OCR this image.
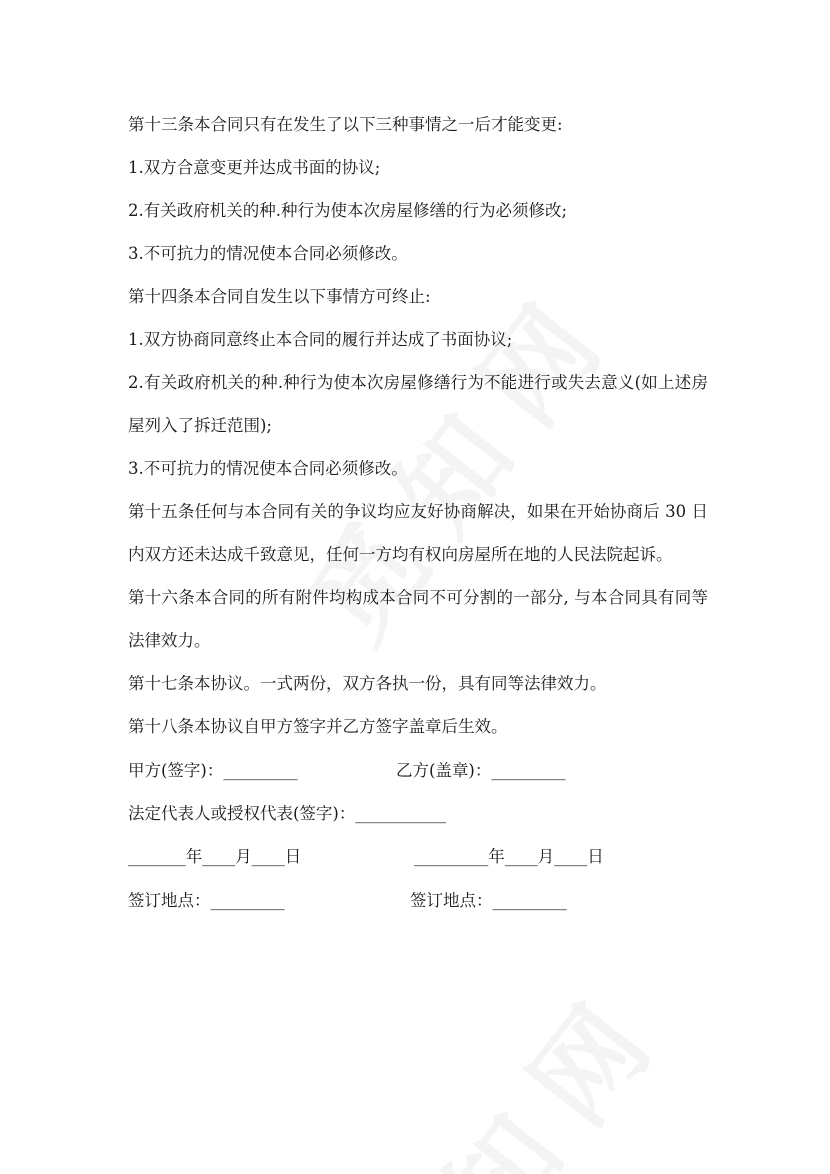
第十三条本合同只有在发生了以下三种事情之一后才能变更:
1.双方合意变更并达成书面的协议;
2.有关政府机关的种.种行为使本次房屋修缮的行为必须修改;
3.不可抗力的情况使本合同必须修改。
第十四条本合同自发生以下事情方可终止:
1.双方协商同意终止本合同的履行并达成了书面协议;
2.有关政府机关的种.种行为使本次房屋修缮行为不能进行或失去意义(如上述房
屋列入了拆迁范围);
3.不可抗力的情况使本合同必须修改。
第十五条任何与本合同有关的争议均应友好协商解决，如果在开始协商后 30 日
内双方还未达成千致意见，任何一方均有权向房屋所在地的人民法院起诉。
第十六条本合同的所有附件均构成本合同不可分割的一部分, 与本合同具有同等
法律效力。
第十七条本协议。一式两份，双方各执一份，具有同等法律效力。
第十八条本协议自甲方签字并乙方签字盖章后生效。
甲方(签字)：_________	乙方(盖章)：_________
法定代表人或授权代表(签字)：___________
_______年____月____日	_________年____月____日
签订地点：_________	签订地点：_________
